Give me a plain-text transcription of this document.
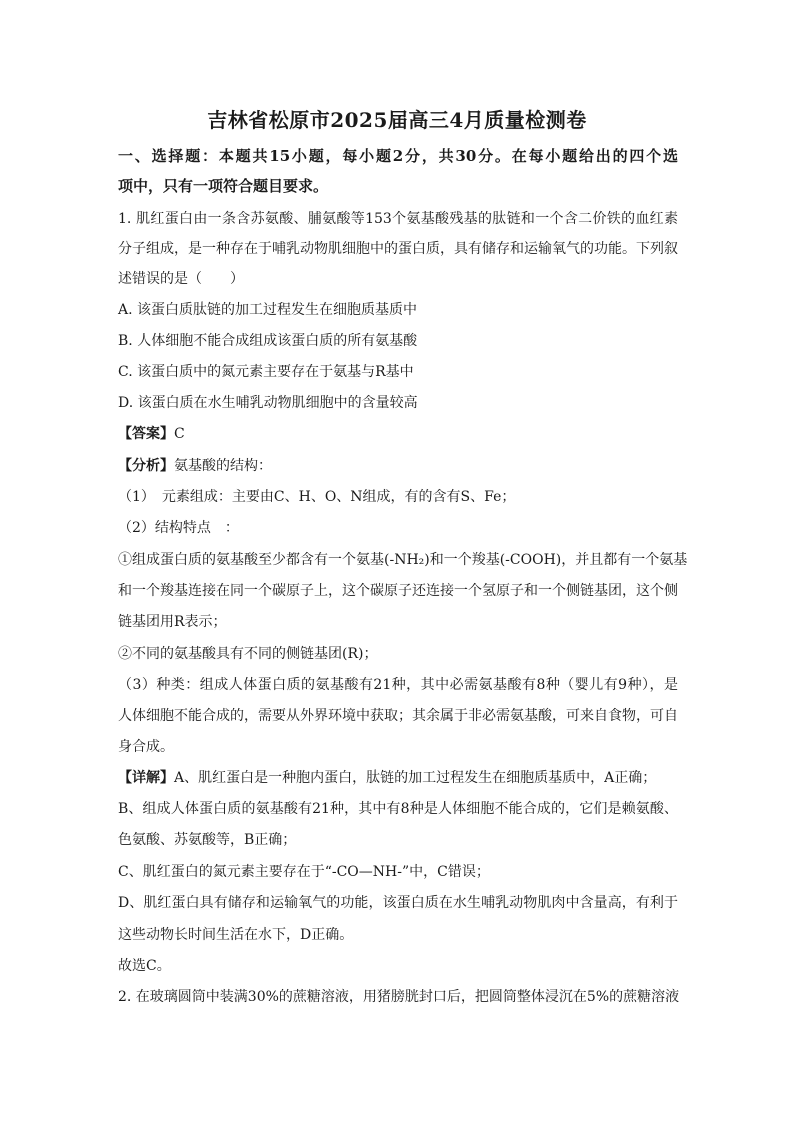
吉林省松原市2025届高三4月质量检测卷
一、选择题：本题共15小题，每小题2分，共30分。在每小题给出的四个选
项中，只有一项符合题目要求。
1. 肌红蛋白由一条含苏氨酸、脯氨酸等153个氨基酸残基的肽链和一个含二价铁的血红素
分子组成，是一种存在于哺乳动物肌细胞中的蛋白质，具有储存和运输氧气的功能。下列叙
述错误的是（　　）
A. 该蛋白质肽链的加工过程发生在细胞质基质中
B. 人体细胞不能合成组成该蛋白质的所有氨基酸
C. 该蛋白质中的氮元素主要存在于氨基与R基中
D. 该蛋白质在水生哺乳动物肌细胞中的含量较高
【答案】C
【分析】氨基酸的结构：
（1）　元素组成：主要由C、H、O、N组成，有的含有S、Fe；
（2）结构特点　：
①组成蛋白质的氨基酸至少都含有一个氨基(-NH₂)和一个羧基(-COOH)，并且都有一个氨基
和一个羧基连接在同一个碳原子上，这个碳原子还连接一个氢原子和一个侧链基团，这个侧
链基团用R表示；
②不同的氨基酸具有不同的侧链基团(R)；
（3）种类：组成人体蛋白质的氨基酸有21种，其中必需氨基酸有8种（婴儿有9种），是
人体细胞不能合成的，需要从外界环境中获取；其余属于非必需氨基酸，可来自食物，可自
身合成。
【详解】A、肌红蛋白是一种胞内蛋白，肽链的加工过程发生在细胞质基质中，A正确；
B、组成人体蛋白质的氨基酸有21种，其中有8种是人体细胞不能合成的，它们是赖氨酸、
色氨酸、苏氨酸等，B正确；
C、肌红蛋白的氮元素主要存在于“-CO—NH-”中，C错误；
D、肌红蛋白具有储存和运输氧气的功能，该蛋白质在水生哺乳动物肌肉中含量高，有利于
这些动物长时间生活在水下，D正确。
故选C。
2. 在玻璃圆筒中装满30%的蔗糖溶液，用猪膀胱封口后，把圆筒整体浸沉在5%的蔗糖溶液
